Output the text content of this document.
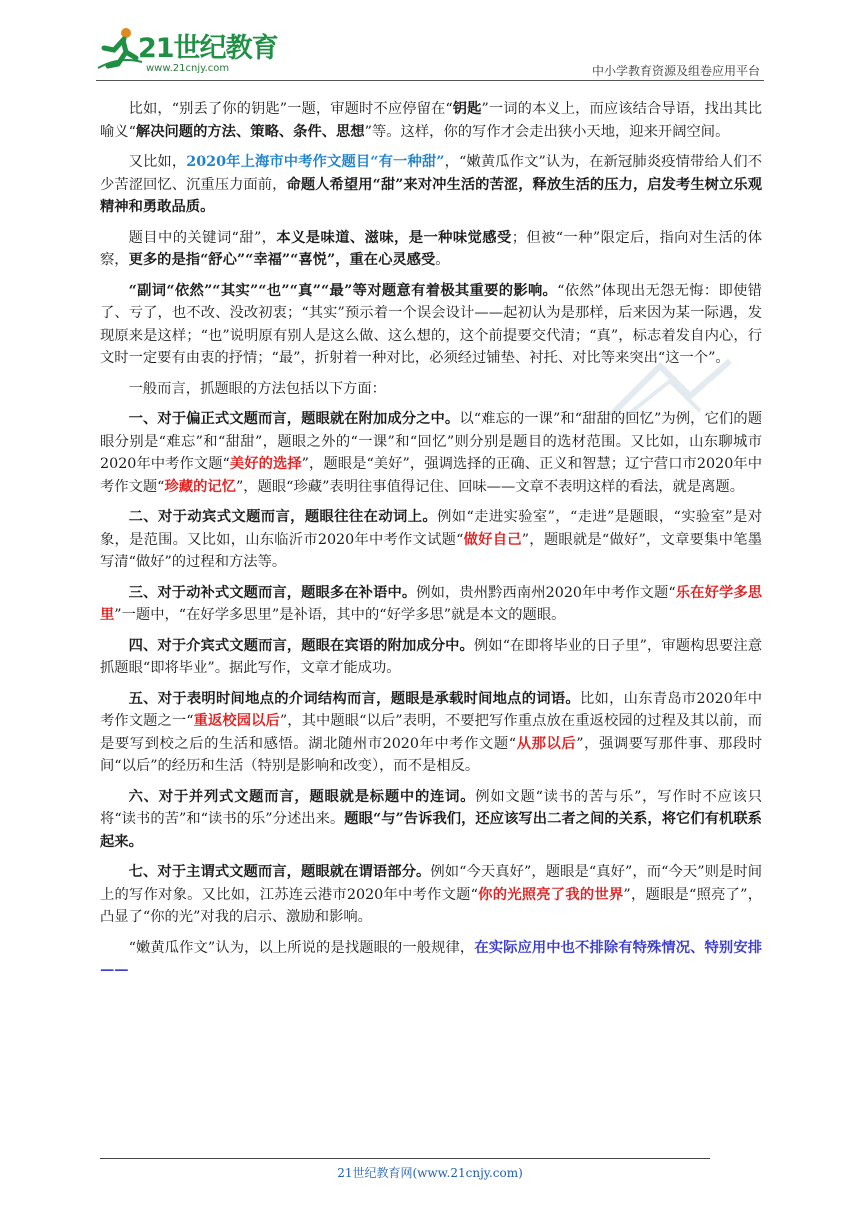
21世纪教育
www.21cnjy.com	中小学教育资源及组卷应用平台

比如，“别丢了你的钥匙”一题，审题时不应停留在“钥匙”一词的本义上，而应该结合导语，找出其比喻义“解决问题的方法、策略、条件、思想”等。这样，你的写作才会走出狭小天地，迎来开阔空间。

又比如，2020年上海市中考作文题目“有一种甜”，“嫩黄瓜作文”认为，在新冠肺炎疫情带给人们不少苦涩回忆、沉重压力面前，命题人希望用“甜”来对冲生活的苦涩，释放生活的压力，启发考生树立乐观精神和勇敢品质。

题目中的关键词“甜”，本义是味道、滋味，是一种味觉感受；但被“一种”限定后，指向对生活的体察，更多的是指“舒心”“幸福”“喜悦”，重在心灵感受。

“副词“依然”“其实”“也”“真”“最”等对题意有着极其重要的影响。“依然”体现出无怨无悔：即使错了、亏了，也不改、没改初衷；“其实”预示着一个误会设计——起初认为是那样，后来因为某一际遇，发现原来是这样；“也”说明原有别人是这么做、这么想的，这个前提要交代清；“真”，标志着发自内心，行文时一定要有由衷的抒情；“最”，折射着一种对比，必须经过铺垫、衬托、对比等来突出“这一个”。

一般而言，抓题眼的方法包括以下方面：

一、对于偏正式文题而言，题眼就在附加成分之中。以“难忘的一课”和“甜甜的回忆”为例，它们的题眼分别是“难忘”和“甜甜”，题眼之外的“一课”和“回忆”则分别是题目的选材范围。又比如，山东聊城市2020年中考作文题“美好的选择”，题眼是“美好”，强调选择的正确、正义和智慧；辽宁营口市2020年中考作文题“珍藏的记忆”，题眼“珍藏”表明往事值得记住、回味——文章不表明这样的看法，就是离题。

二、对于动宾式文题而言，题眼往往在动词上。例如“走进实验室”，“走进”是题眼，“实验室”是对象，是范围。又比如，山东临沂市2020年中考作文试题“做好自己”，题眼就是“做好”，文章要集中笔墨写清“做好”的过程和方法等。

三、对于动补式文题而言，题眼多在补语中。例如，贵州黔西南州2020年中考作文题“乐在好学多思里”一题中，“在好学多思里”是补语，其中的“好学多思”就是本文的题眼。

四、对于介宾式文题而言，题眼在宾语的附加成分中。例如“在即将毕业的日子里”，审题构思要注意抓题眼“即将毕业”。据此写作，文章才能成功。

五、对于表明时间地点的介词结构而言，题眼是承载时间地点的词语。比如，山东青岛市2020年中考作文题之一“重返校园以后”，其中题眼“以后”表明，不要把写作重点放在重返校园的过程及其以前，而是要写到校之后的生活和感悟。湖北随州市2020年中考作文题“从那以后”，强调要写那件事、那段时间“以后”的经历和生活（特别是影响和改变），而不是相反。

六、对于并列式文题而言，题眼就是标题中的连词。例如文题“读书的苦与乐”，写作时不应该只将“读书的苦”和“读书的乐”分述出来。题眼“与”告诉我们，还应该写出二者之间的关系，将它们有机联系起来。

七、对于主谓式文题而言，题眼就在谓语部分。例如“今天真好”，题眼是“真好”，而“今天”则是时间上的写作对象。又比如，江苏连云港市2020年中考作文题“你的光照亮了我的世界”，题眼是“照亮了”，凸显了“你的光”对我的启示、激励和影响。

“嫩黄瓜作文”认为，以上所说的是找题眼的一般规律，在实际应用中也不排除有特殊情况、特别安排——

21世纪教育网(www.21cnjy.com)
